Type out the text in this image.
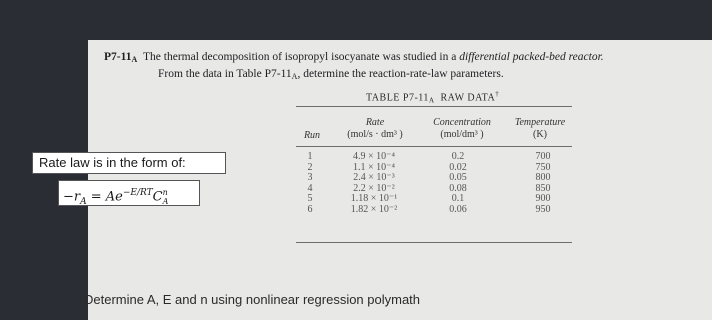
$P7-11_A$ The thermal decomposition of isopropyl isocyanate was studied in a differential packed-bed reactor.
From the data in Table $P7-11_A$, determine the reaction-rate-law parameters.
TABLE $P7-11_A$ RAW DATA†
Run
Rate
(mol/s · dm³ )
Concentration
(mol/dm³ )
Temperature
(K)
1
2
3
4
5
6
4.9 × 10⁻⁴
1.1 × 10⁻⁴
2.4 × 10⁻³
2.2 × 10⁻²
1.18 × 10⁻¹
1.82 × 10⁻²
0.2
0.02
0.05
0.08
0.1
0.06
700
750
800
850
900
950
Rate law is in the form of:
$-r_A = Ae^{-E/RT}C$ n
A
Determine A, E and n using nonlinear regression polymath
